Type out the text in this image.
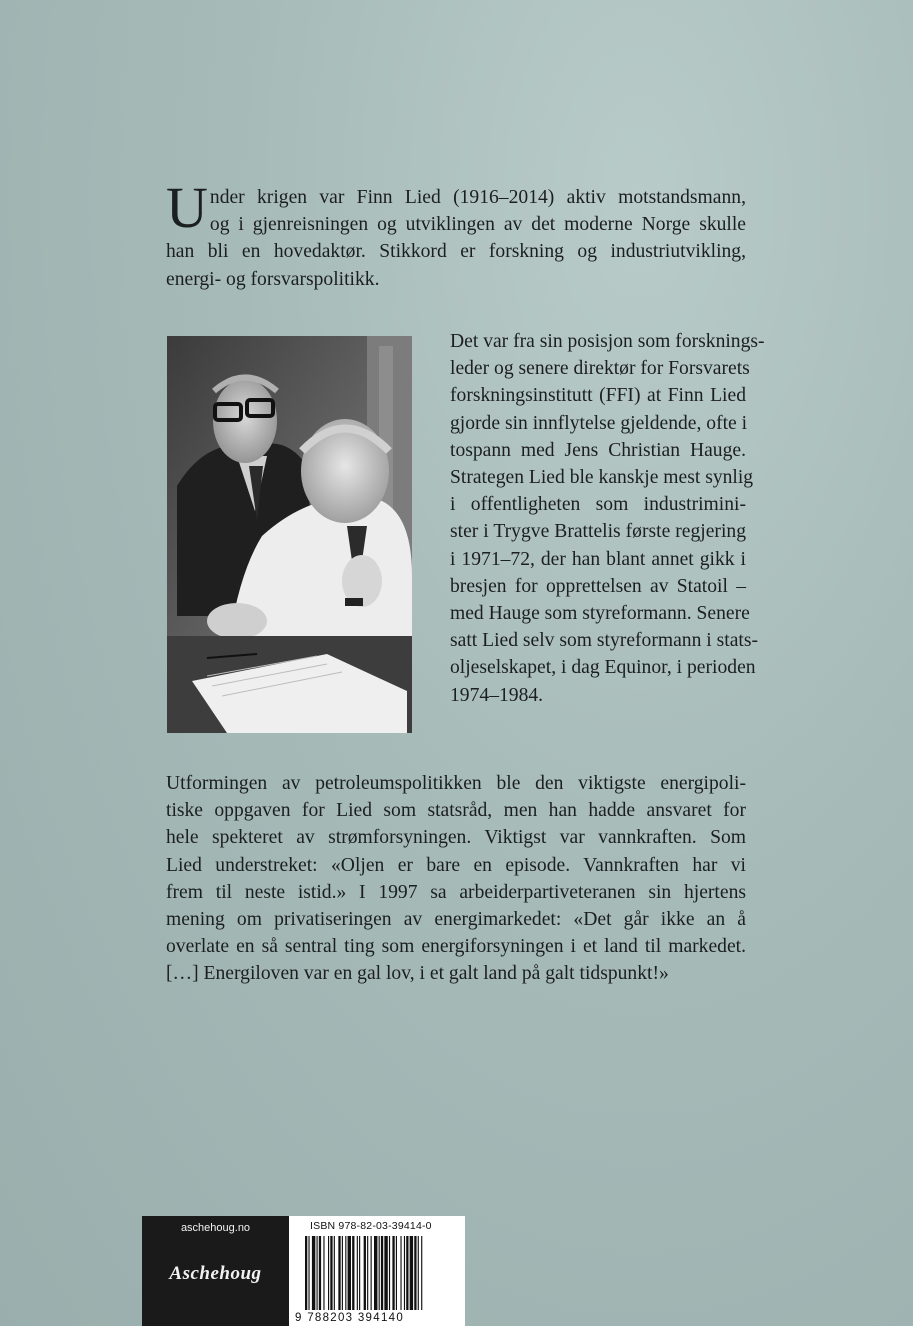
U nder krigen var Finn Lied (1916–2014) aktiv motstandsmann,
og i gjenreisningen og utviklingen av det moderne Norge skulle
han bli en hovedaktør. Stikkord er forskning og industriutvikling,
energi- og forsvarspolitikk.
Det var fra sin posisjon som forsknings-
leder og senere direktør for Forsvarets
forskningsinstitutt (FFI) at Finn Lied
gjorde sin innflytelse gjeldende, ofte i
tospann med Jens Christian Hauge.
Strategen Lied ble kanskje mest synlig
i offentligheten som industrimini-
ster i Trygve Brattelis første regjering
i 1971–72, der han blant annet gikk i
bresjen for opprettelsen av Statoil –
med Hauge som styreformann. Senere
satt Lied selv som styreformann i stats-
oljeselskapet, i dag Equinor, i perioden
1974–1984.
Utformingen av petroleumspolitikken ble den viktigste energipoli-
tiske oppgaven for Lied som statsråd, men han hadde ansvaret for
hele spekteret av strømforsyningen. Viktigst var vannkraften. Som
Lied understreket: «Oljen er bare en episode. Vannkraften har vi
frem til neste istid.» I 1997 sa arbeiderpartiveteranen sin hjertens
mening om privatiseringen av energimarkedet: «Det går ikke an å
overlate en så sentral ting som energiforsyningen i et land til markedet.
[…] Energiloven var en gal lov, i et galt land på galt tidspunkt!»
aschehoug.no
Aschehoug
ISBN 978-82-03-39414-0
9 788203 394140
